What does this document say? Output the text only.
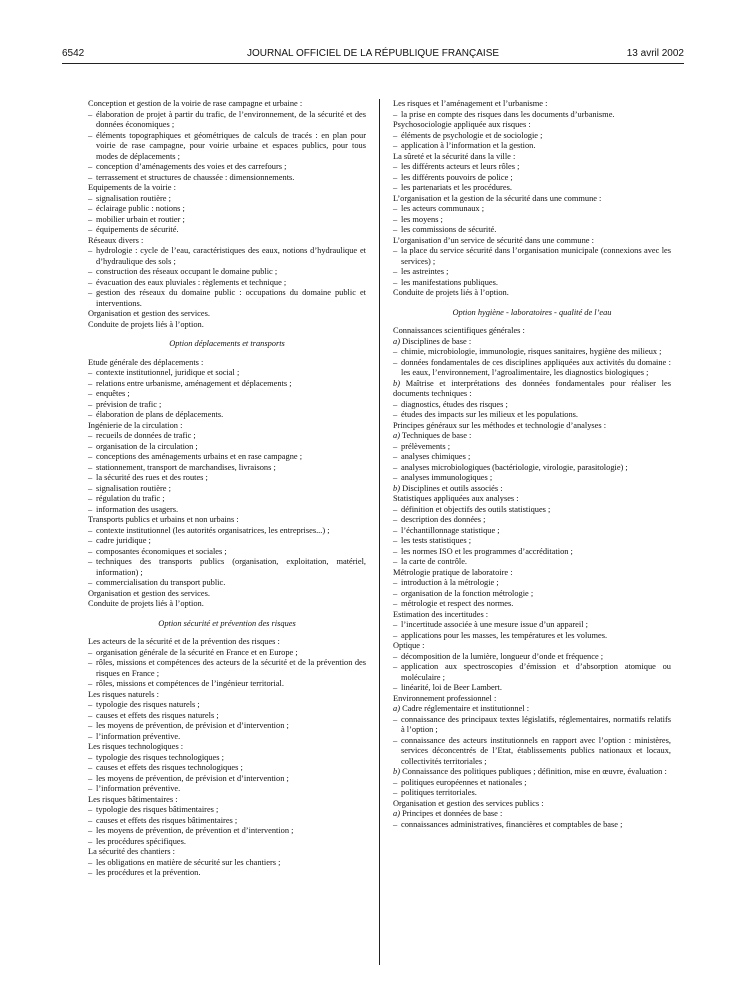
6542	JOURNAL OFFICIEL DE LA RÉPUBLIQUE FRANÇAISE	13 avril 2002
Conception et gestion de la voirie de rase campagne et urbaine :
– élaboration de projet à partir du trafic, de l’environnement, de la sécurité et des données économiques ;
– éléments topographiques et géométriques de calculs de tracés : en plan pour voirie de rase campagne, pour voirie urbaine et espaces publics, pour tous modes de déplacements ;
– conception d’aménagements des voies et des carrefours ;
– terrassement et structures de chaussée : dimensionnements.
Equipements de la voirie :
– signalisation routière ;
– éclairage public : notions ;
– mobilier urbain et routier ;
– équipements de sécurité.
Réseaux divers :
– hydrologie : cycle de l’eau, caractéristiques des eaux, notions d’hydraulique et d’hydraulique des sols ;
– construction des réseaux occupant le domaine public ;
– évacuation des eaux pluviales : règlements et technique ;
– gestion des réseaux du domaine public : occupations du domaine public et interventions.
Organisation et gestion des services.
Conduite de projets liés à l’option.
Option déplacements et transports
Etude générale des déplacements :
– contexte institutionnel, juridique et social ;
– relations entre urbanisme, aménagement et déplacements ;
– enquêtes ;
– prévision de trafic ;
– élaboration de plans de déplacements.
Ingénierie de la circulation :
– recueils de données de trafic ;
– organisation de la circulation ;
– conceptions des aménagements urbains et en rase campagne ;
– stationnement, transport de marchandises, livraisons ;
– la sécurité des rues et des routes ;
– signalisation routière ;
– régulation du trafic ;
– information des usagers.
Transports publics et urbains et non urbains :
– contexte institutionnel (les autorités organisatrices, les entreprises...) ;
– cadre juridique ;
– composantes économiques et sociales ;
– techniques des transports publics (organisation, exploitation, matériel, information) ;
– commercialisation du transport public.
Organisation et gestion des services.
Conduite de projets liés à l’option.
Option sécurité et prévention des risques
Les acteurs de la sécurité et de la prévention des risques :
– organisation générale de la sécurité en France et en Europe ;
– rôles, missions et compétences des acteurs de la sécurité et de la prévention des risques en France ;
– rôles, missions et compétences de l’ingénieur territorial.
Les risques naturels :
– typologie des risques naturels ;
– causes et effets des risques naturels ;
– les moyens de prévention, de prévision et d’intervention ;
– l’information préventive.
Les risques technologiques :
– typologie des risques technologiques ;
– causes et effets des risques technologiques ;
– les moyens de prévention, de prévision et d’intervention ;
– l’information préventive.
Les risques bâtimentaires :
– typologie des risques bâtimentaires ;
– causes et effets des risques bâtimentaires ;
– les moyens de prévention, de prévention et d’intervention ;
– les procédures spécifiques.
La sécurité des chantiers :
– les obligations en matière de sécurité sur les chantiers ;
– les procédures et la prévention.
Les risques et l’aménagement et l’urbanisme :
– la prise en compte des risques dans les documents d’urbanisme.
Psychosociologie appliquée aux risques :
– éléments de psychologie et de sociologie ;
– application à l’information et la gestion.
La sûreté et la sécurité dans la ville :
– les différents acteurs et leurs rôles ;
– les différents pouvoirs de police ;
– les partenariats et les procédures.
L’organisation et la gestion de la sécurité dans une commune :
– les acteurs communaux ;
– les moyens ;
– les commissions de sécurité.
L’organisation d’un service de sécurité dans une commune :
– la place du service sécurité dans l’organisation municipale (connexions avec les services) ;
– les astreintes ;
– les manifestations publiques.
Conduite de projets liés à l’option.
Option hygiène - laboratoires - qualité de l’eau
Connaissances scientifiques générales :
a) Disciplines de base :
– chimie, microbiologie, immunologie, risques sanitaires, hygiène des milieux ;
– données fondamentales de ces disciplines appliquées aux activités du domaine : les eaux, l’environnement, l’agroalimentaire, les diagnostics biologiques ;
b) Maîtrise et interprétations des données fondamentales pour réaliser les documents techniques :
– diagnostics, études des risques ;
– études des impacts sur les milieux et les populations.
Principes généraux sur les méthodes et technologie d’analyses :
a) Techniques de base :
– prélèvements ;
– analyses chimiques ;
– analyses microbiologiques (bactériologie, virologie, parasitologie) ;
– analyses immunologiques ;
b) Disciplines et outils associés :
Statistiques appliquées aux analyses :
– définition et objectifs des outils statistiques ;
– description des données ;
– l’échantillonnage statistique ;
– les tests statistiques ;
– les normes ISO et les programmes d’accréditation ;
– la carte de contrôle.
Métrologie pratique de laboratoire :
– introduction à la métrologie ;
– organisation de la fonction métrologie ;
– métrologie et respect des normes.
Estimation des incertitudes :
– l’incertitude associée à une mesure issue d’un appareil ;
– applications pour les masses, les températures et les volumes.
Optique :
– décomposition de la lumière, longueur d’onde et fréquence ;
– application aux spectroscopies d’émission et d’absorption atomique ou moléculaire ;
– linéarité, loi de Beer Lambert.
Environnement professionnel :
a) Cadre réglementaire et institutionnel :
– connaissance des principaux textes législatifs, réglementaires, normatifs relatifs à l’option ;
– connaissance des acteurs institutionnels en rapport avec l’option : ministères, services déconcentrés de l’Etat, établissements publics nationaux et locaux, collectivités territoriales ;
b) Connaissance des politiques publiques ; définition, mise en œuvre, évaluation :
– politiques européennes et nationales ;
– politiques territoriales.
Organisation et gestion des services publics :
a) Principes et données de base :
– connaissances administratives, financières et comptables de base ;
